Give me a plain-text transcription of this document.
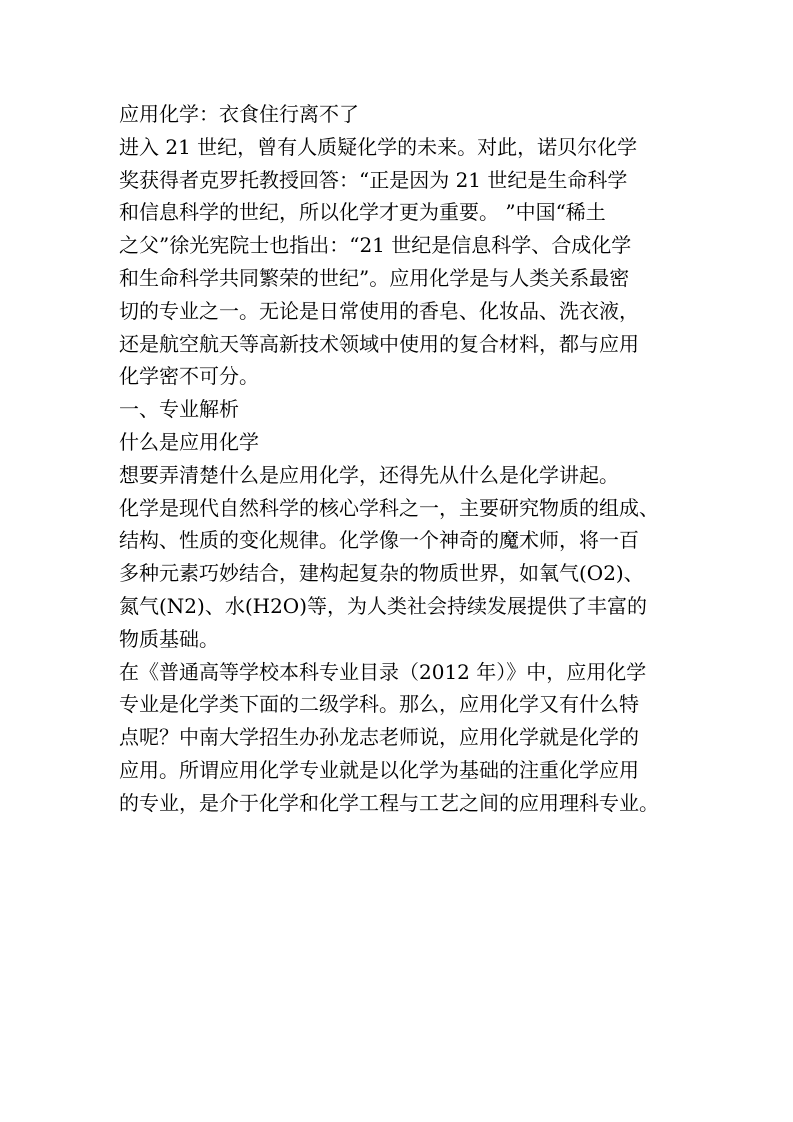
应用化学：衣食住行离不了
进入 21 世纪，曾有人质疑化学的未来。对此，诺贝尔化学
奖获得者克罗托教授回答：“正是因为 21 世纪是生命科学
和信息科学的世纪，所以化学才更为重要。 ”中国“稀土
之父”徐光宪院士也指出：“21 世纪是信息科学、合成化学
和生命科学共同繁荣的世纪”。应用化学是与人类关系最密
切的专业之一。无论是日常使用的香皂、化妆品、洗衣液，
还是航空航天等高新技术领域中使用的复合材料，都与应用
化学密不可分。
一、专业解析
什么是应用化学
想要弄清楚什么是应用化学，还得先从什么是化学讲起。
化学是现代自然科学的核心学科之一，主要研究物质的组成、
结构、性质的变化规律。化学像一个神奇的魔术师，将一百
多种元素巧妙结合，建构起复杂的物质世界，如氧气(O2)、
氮气(N2)、水(H2O)等，为人类社会持续发展提供了丰富的
物质基础。
在《普通高等学校本科专业目录（2012 年）》中，应用化学
专业是化学类下面的二级学科。那么，应用化学又有什么特
点呢？中南大学招生办孙龙志老师说，应用化学就是化学的
应用。所谓应用化学专业就是以化学为基础的注重化学应用
的专业，是介于化学和化学工程与工艺之间的应用理科专业。
